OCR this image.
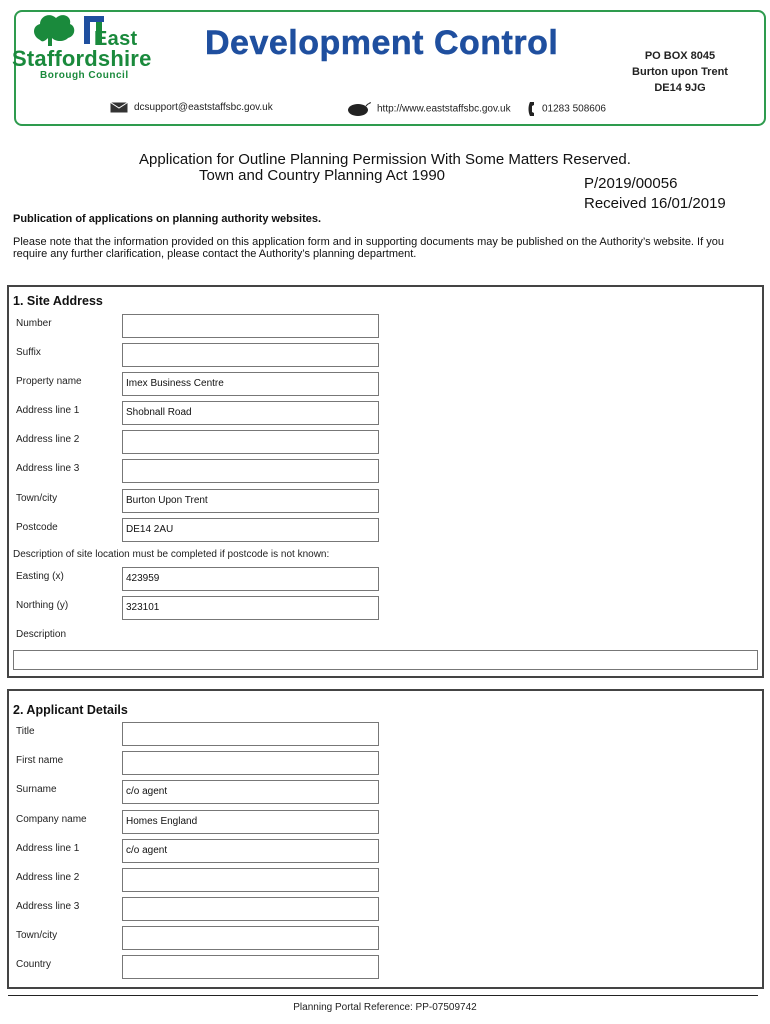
East
Staffordshire
Borough Council
Development Control	PO BOX 8045
Burton upon Trent
DE14 9JG
dcsupport@eaststaffsbc.gov.uk	http://www.eaststaffsbc.gov.uk	01283 508606
Application for Outline Planning Permission With Some Matters Reserved.
Town and Country Planning Act 1990	P/2019/00056
Received 16/01/2019
Publication of applications on planning authority websites.
Please note that the information provided on this application form and in supporting documents may be published on the Authority’s website. If you require any further clarification, please contact the Authority’s planning department.
1. Site Address
Number
Suffix
Property name	Imex Business Centre
Address line 1	Shobnall Road
Address line 2
Address line 3
Town/city	Burton Upon Trent
Postcode	DE14 2AU
Description of site location must be completed if postcode is not known:
Easting (x)	423959
Northing (y)	323101
Description
2. Applicant Details
Title
First name
Surname	c/o agent
Company name	Homes England
Address line 1	c/o agent
Address line 2
Address line 3
Town/city
Country
Planning Portal Reference: PP-07509742
